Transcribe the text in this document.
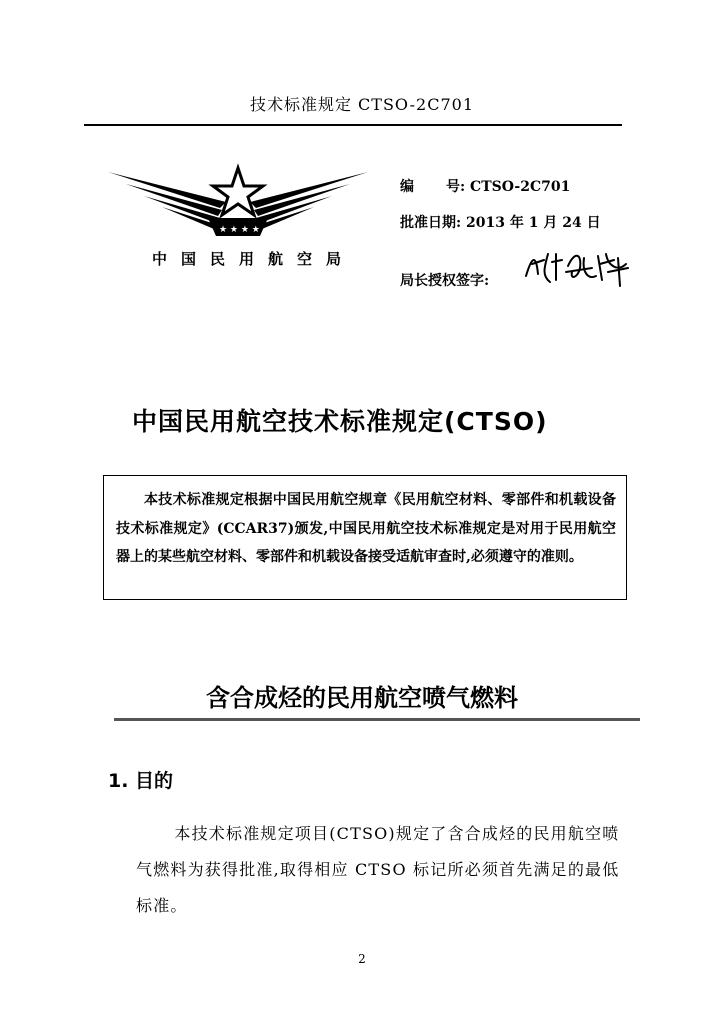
技术标准规定 CTSO-2C701
★ ★ ★ ★
中国民用航空局
编 号: CTSO-2C701
批准日期: 2013 年 1 月 24 日
局长授权签字:
中国民用航空技术标准规定(CTSO)

本技术标准规定根据中国民用航空规章《民用航空材料、零部件和机载设备技术标准规定》(CCAR37)颁发,中国民用航空技术标准规定是对用于民用航空器上的某些航空材料、零部件和机载设备接受适航审查时,必须遵守的准则。

含合成烃的民用航空喷气燃料
1. 目的

本技术标准规定项目(CTSO)规定了含合成烃的民用航空喷气燃料为获得批准,取得相应 CTSO 标记所必须首先满足的最低标准。

2
